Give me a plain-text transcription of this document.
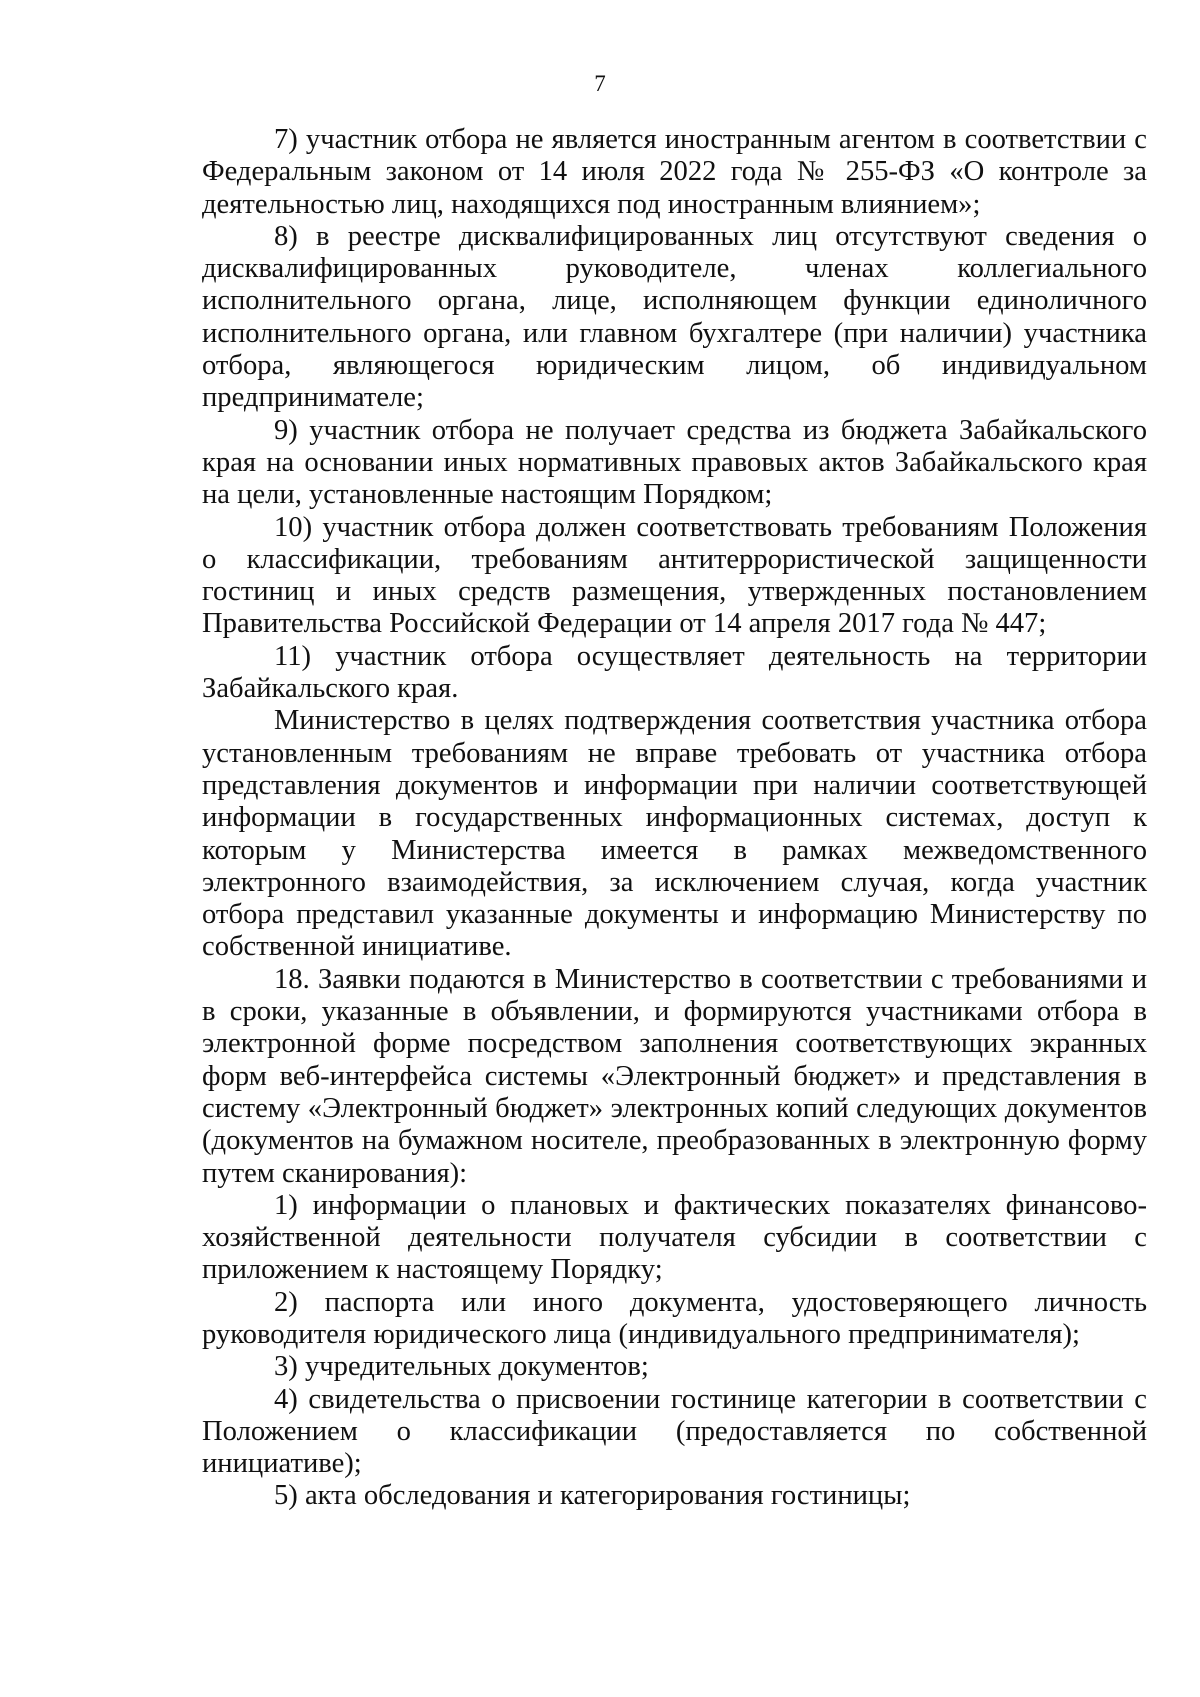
7

7) участник отбора не является иностранным агентом в соответствии с Федеральным законом от 14 июля 2022 года № 255-ФЗ «О контроле за деятельностью лиц, находящихся под иностранным влиянием»;

8) в реестре дисквалифицированных лиц отсутствуют сведения о дисквалифицированных руководителе, членах коллегиального исполнительного органа, лице, исполняющем функции единоличного исполнительного органа, или главном бухгалтере (при наличии) участника отбора, являющегося юридическим лицом, об индивидуальном предпринимателе;

9) участник отбора не получает средства из бюджета Забайкальского края на основании иных нормативных правовых актов Забайкальского края на цели, установленные настоящим Порядком;

10) участник отбора должен соответствовать требованиям Положения о классификации, требованиям антитеррористической защищенности гостиниц и иных средств размещения, утвержденных постановлением Правительства Российской Федерации от 14 апреля 2017 года № 447;

11) участник отбора осуществляет деятельность на территории Забайкальского края.

Министерство в целях подтверждения соответствия участника отбора установленным требованиям не вправе требовать от участника отбора представления документов и информации при наличии соответствующей информации в государственных информационных системах, доступ к которым у Министерства имеется в рамках межведомственного электронного взаимодействия, за исключением случая, когда участник отбора представил указанные документы и информацию Министерству по собственной инициативе.

18. Заявки подаются в Министерство в соответствии с требованиями и в сроки, указанные в объявлении, и формируются участниками отбора в электронной форме посредством заполнения соответствующих экранных форм веб-интерфейса системы «Электронный бюджет» и представления в систему «Электронный бюджет» электронных копий следующих документов (документов на бумажном носителе, преобразованных в электронную форму путем сканирования):

1) информации о плановых и фактических показателях финансово-хозяйственной деятельности получателя субсидии в соответствии с приложением к настоящему Порядку;

2) паспорта или иного документа, удостоверяющего личность руководителя юридического лица (индивидуального предпринимателя);

3) учредительных документов;

4) свидетельства о присвоении гостинице категории в соответствии с Положением о классификации (предоставляется по собственной инициативе);

5) акта обследования и категорирования гостиницы;
